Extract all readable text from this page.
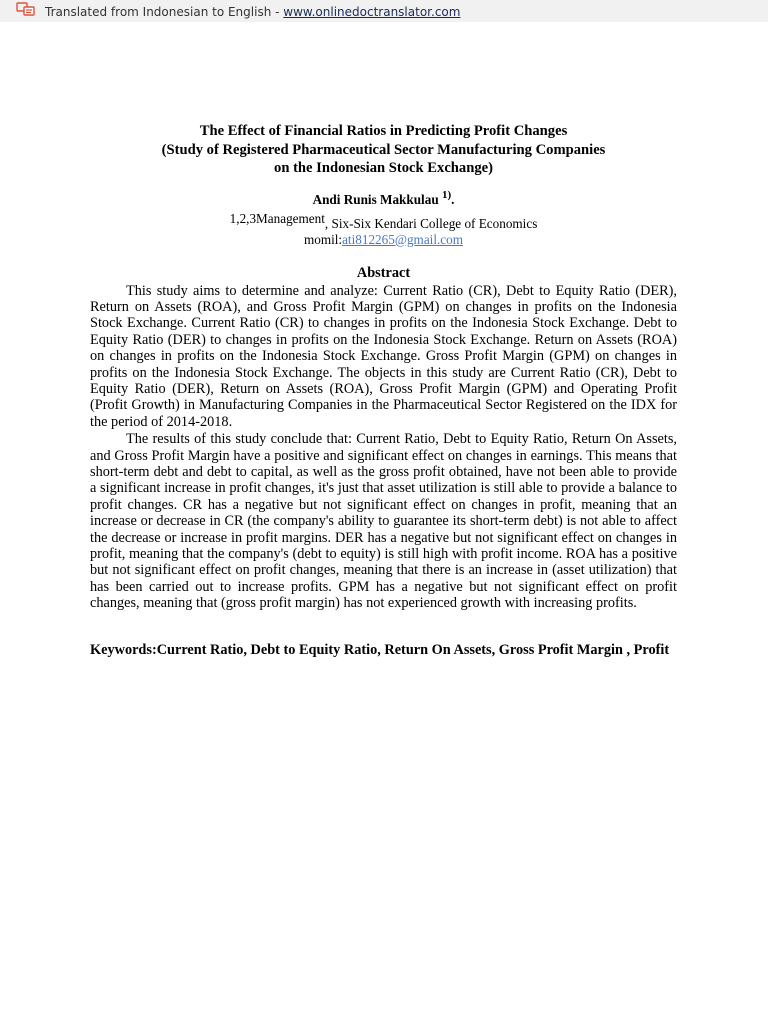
Translated from Indonesian to English - www.onlinedoctranslator.com
The Effect of Financial Ratios in Predicting Profit Changes
(Study of Registered Pharmaceutical Sector Manufacturing Companies
on the Indonesian Stock Exchange)
Andi Runis Makkulau $^{1)}$.
1,2,3Management, Six-Six Kendari College of Economics
momil:ati812265@gmail.com
Abstract

This study aims to determine and analyze: Current Ratio (CR), Debt to Equity Ratio (DER), Return on Assets (ROA), and Gross Profit Margin (GPM) on changes in profits on the Indonesia Stock Exchange. Current Ratio (CR) to changes in profits on the Indonesia Stock Exchange. Debt to Equity Ratio (DER) to changes in profits on the Indonesia Stock Exchange. Return on Assets (ROA) on changes in profits on the Indonesia Stock Exchange. Gross Profit Margin (GPM) on changes in profits on the Indonesia Stock Exchange. The objects in this study are Current Ratio (CR), Debt to Equity Ratio (DER), Return on Assets (ROA), Gross Profit Margin (GPM) and Operating Profit (Profit Growth) in Manufacturing Companies in the Pharmaceutical Sector Registered on the IDX for the period of 2014-2018.

The results of this study conclude that: Current Ratio, Debt to Equity Ratio, Return On Assets, and Gross Profit Margin have a positive and significant effect on changes in earnings. This means that short-term debt and debt to capital, as well as the gross profit obtained, have not been able to provide a significant increase in profit changes, it's just that asset utilization is still able to provide a balance to profit changes. CR has a negative but not significant effect on changes in profit, meaning that an increase or decrease in CR (the company's ability to guarantee its short-term debt) is not able to affect the decrease or increase in profit margins. DER has a negative but not significant effect on changes in profit, meaning that the company's (debt to equity) is still high with profit income. ROA has a positive but not significant effect on profit changes, meaning that there is an increase in (asset utilization) that has been carried out to increase profits. GPM has a negative but not significant effect on profit changes, meaning that (gross profit margin) has not experienced growth with increasing profits.

Keywords:Current Ratio, Debt to Equity Ratio, Return On Assets, Gross Profit Margin , Profit
